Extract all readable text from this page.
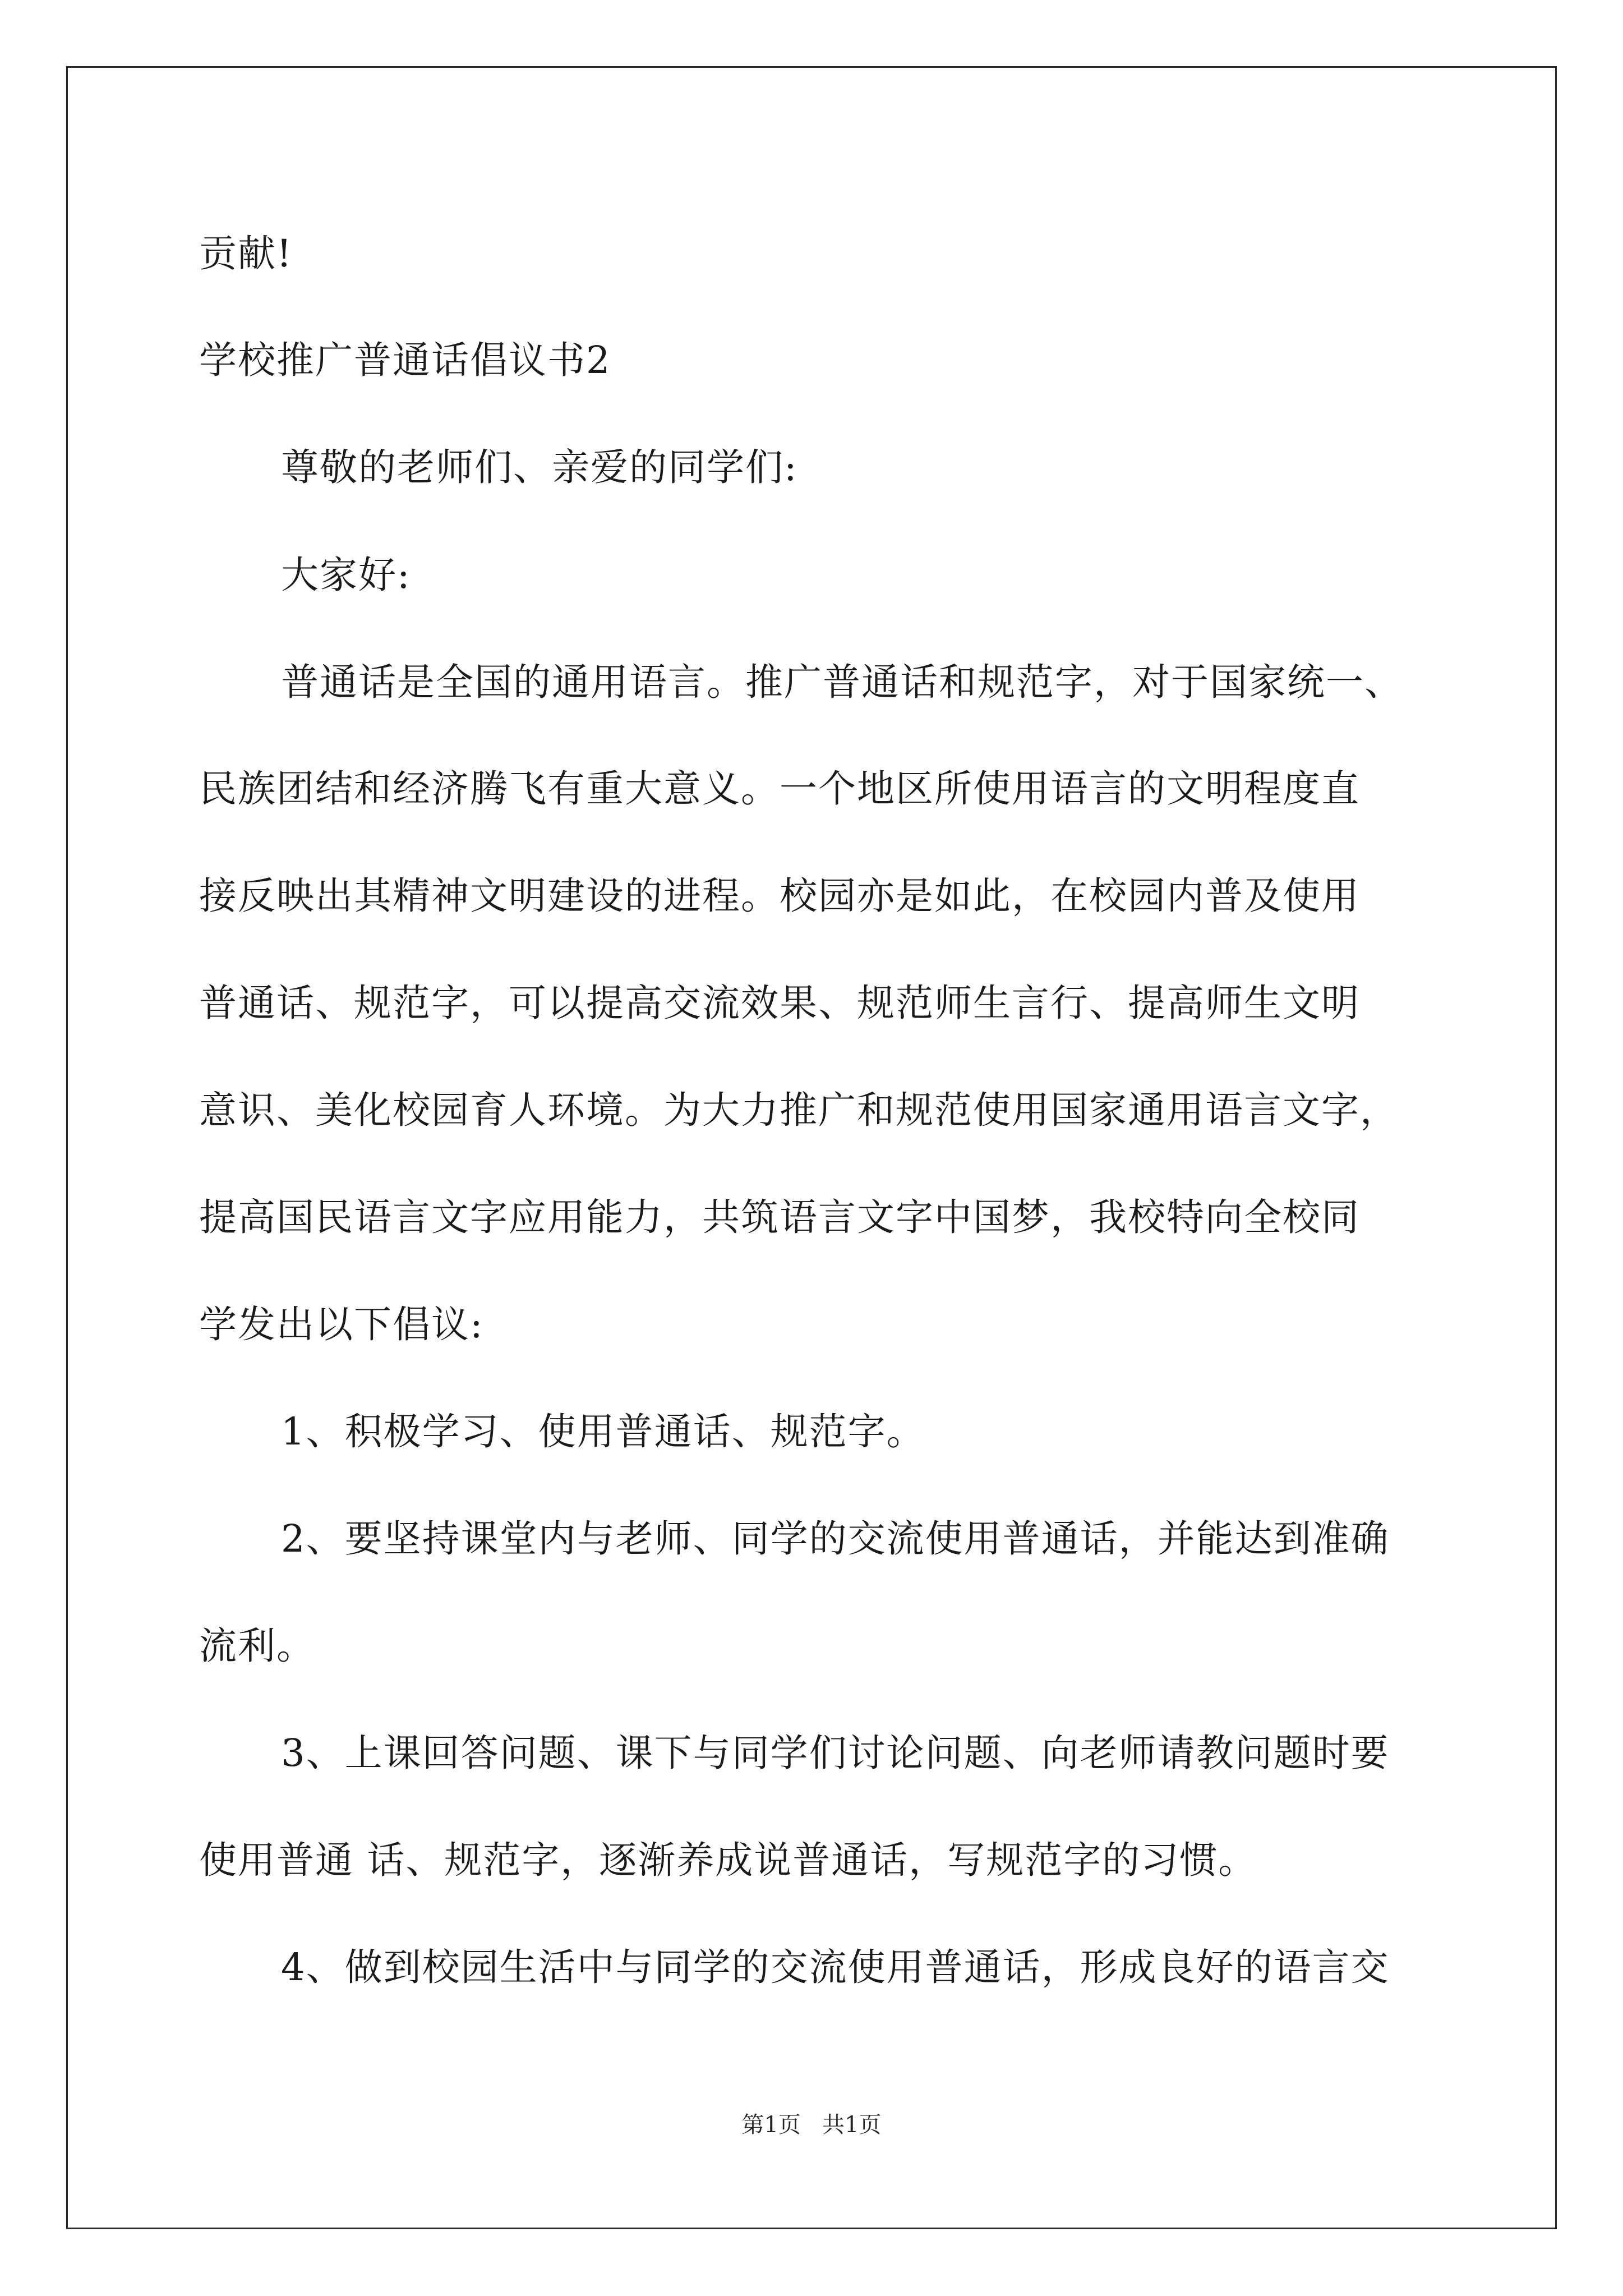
贡献!
学校推广普通话倡议书2
尊敬的老师们、亲爱的同学们:
大家好:
普通话是全国的通用语言。推广普通话和规范字，对于国家统一、
民族团结和经济腾飞有重大意义。一个地区所使用语言的文明程度直
接反映出其精神文明建设的进程。校园亦是如此，在校园内普及使用
普通话、规范字，可以提高交流效果、规范师生言行、提高师生文明
意识、美化校园育人环境。为大力推广和规范使用国家通用语言文字，
提高国民语言文字应用能力，共筑语言文字中国梦，我校特向全校同
学发出以下倡议:
1、积极学习、使用普通话、规范字。
2、要坚持课堂内与老师、同学的交流使用普通话，并能达到准确
流利。
3、上课回答问题、课下与同学们讨论问题、向老师请教问题时要
使用普通 话、规范字，逐渐养成说普通话，写规范字的习惯。
4、做到校园生活中与同学的交流使用普通话，形成良好的语言交
第1页   共1页
